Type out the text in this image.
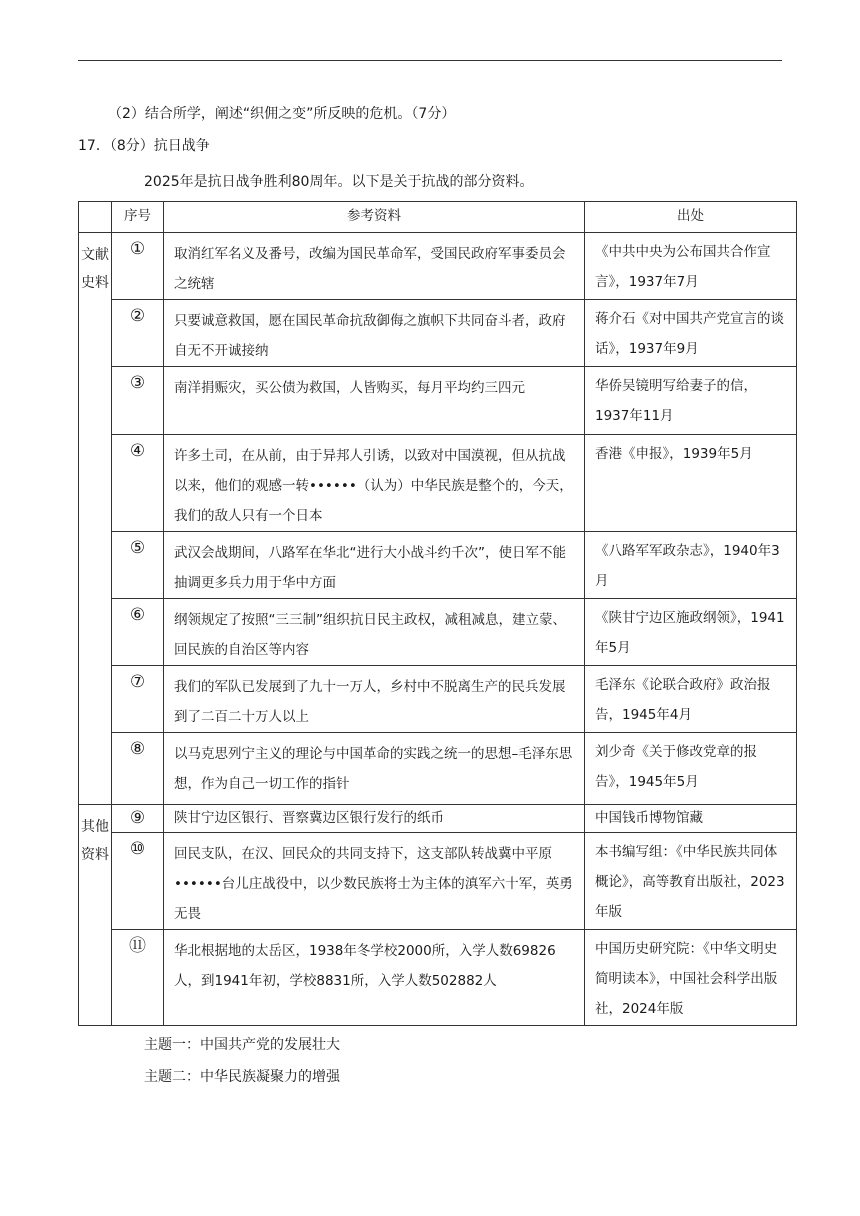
（2）结合所学，阐述“织佣之变”所反映的危机。（7分）
17．（8分）抗日战争
2025年是抗日战争胜利80周年。以下是关于抗战的部分资料。
	序号	参考资料	出处

文献史料	①	取消红军名义及番号，改编为国民革命军，受国民政府军事委员会之统辖	《中共中央为公布国共合作宣言》，1937年7月

	②	只要诚意救国，愿在国民革命抗敌御侮之旗帜下共同奋斗者，政府自无不开诚接纳	蒋介石《对中国共产党宣言的谈话》，1937年9月

	③	南洋捐赈灾，买公债为救国，人皆购买，每月平均约三四元	华侨吴镜明写给妻子的信，1937年11月

	④	许多土司，在从前，由于异邦人引诱，以致对中国漠视，但从抗战以来，他们的观感一转••••••（认为）中华民族是整个的，今天，我们的敌人只有一个日本	香港《申报》，1939年5月

	⑤	武汉会战期间，八路军在华北“进行大小战斗约千次”，使日军不能抽调更多兵力用于华中方面	《八路军军政杂志》，1940年3月

	⑥	纲领规定了按照“三三制”组织抗日民主政权，减租减息，建立蒙、回民族的自治区等内容	《陕甘宁边区施政纲领》，1941年5月

	⑦	我们的军队已发展到了九十一万人，乡村中不脱离生产的民兵发展到了二百二十万人以上	毛泽东《论联合政府》政治报告，1945年4月

	⑧	以马克思列宁主义的理论与中国革命的实践之统一的思想–毛泽东思想，作为自己一切工作的指针	刘少奇《关于修改党章的报告》，1945年5月

其他资料	⑨	陕甘宁边区银行、晋察冀边区银行发行的纸币	中国钱币博物馆藏

	⑩	回民支队，在汉、回民众的共同支持下，这支部队转战冀中平原••••••台儿庄战役中，以少数民族将士为主体的滇军六十军，英勇无畏	本书编写组：《中华民族共同体概论》，高等教育出版社，2023年版

	⑪	华北根据地的太岳区，1938年冬学校2000所，入学人数69826人，到1941年初，学校8831所，入学人数502882人	中国历史研究院：《中华文明史简明读本》，中国社会科学出版社，2024年版
主题一：中国共产党的发展壮大
主题二：中华民族凝聚力的增强
